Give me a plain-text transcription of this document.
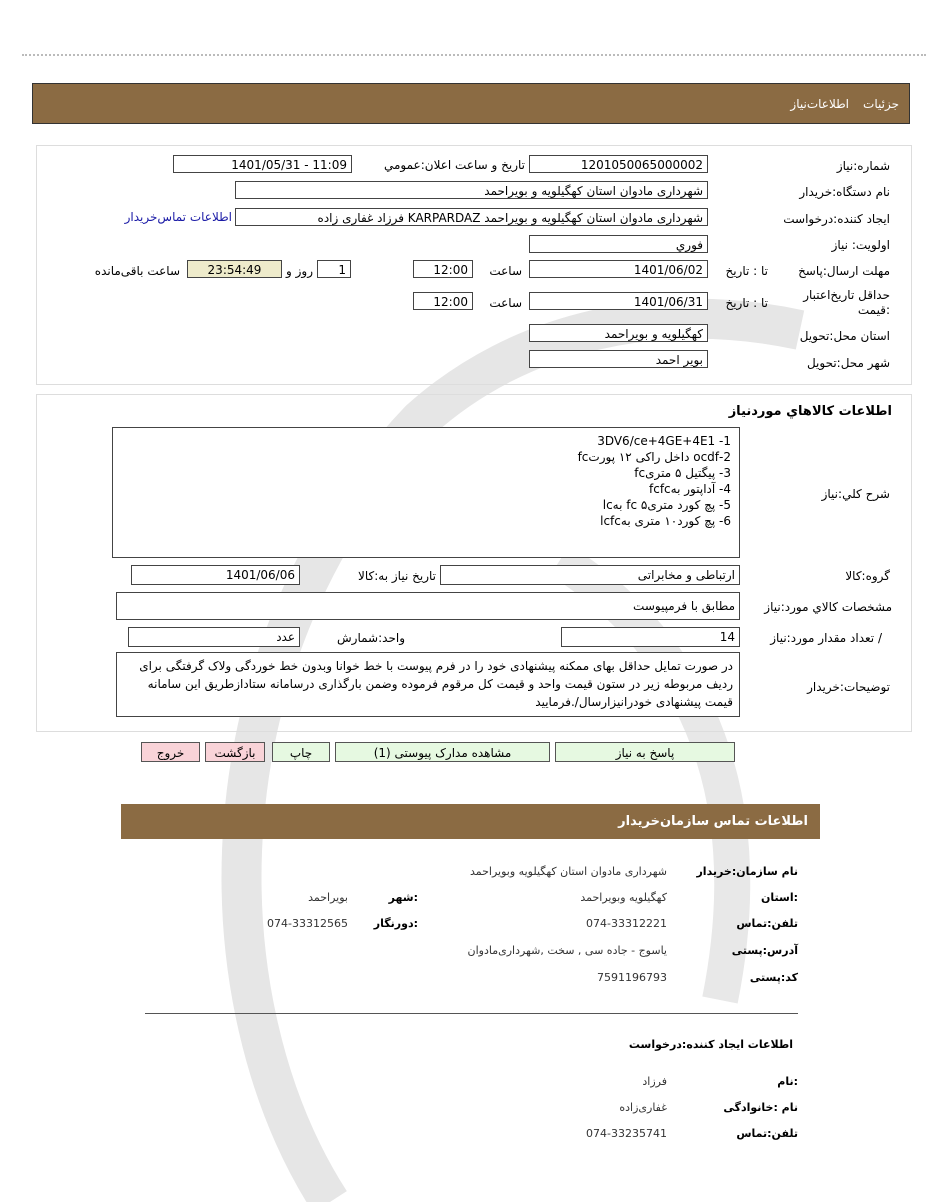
جزئیات
اطلاعات‌نیاز
شماره:نیاز
1201050065000002
تاریخ و ساعت اعلان:عمومي
1401/05/31 - 11:09
نام دستگاه:خریدار
شهرداری مادوان استان کهگیلویه و بویراحمد
ایجاد کننده:درخواست
شهرداری مادوان استان کهگیلویه و بویراحمد KARPARDAZ فرزاد غفاری زاده
اطلاعات تماس‌خریدار
اولویت: نیاز
فوري
مهلت ارسال:پاسخ
تا : تاریخ
1401/06/02
ساعت
12:00
1
روز و
23:54:49
ساعت باقی‌مانده
حداقل تاریخ‌اعتبار :قیمت
تا : تاریخ
1401/06/31
ساعت
12:00
استان محل:تحویل
کهگیلویه و بویراحمد
شهر محل:تحویل
بویر احمد
اطلاعات کالاهاي موردنیاز
شرح کلي:نیاز
1- 3DV6/ce+4GE+4E1
2-ocdf داخل راکی ۱۲ پورتfc
3- پیگتیل ۵ متریfc
4- آداپتور بهfcfc
5- پچ کورد متری۵ fc بهlc
6- پچ کورد۱۰ متری بهlcfc
گروه:کالا
ارتباطی و مخابراتی
تاریخ نیاز به:کالا
1401/06/06
مشخصات کالاي مورد:نیاز
مطابق با فرمپیوست
/ تعداد مقدار مورد:نیاز
14
واحد:شمارش
عدد
توضیحات:خریدار
در صورت تمایل حداقل بهای ممکنه پیشنهادی خود را در فرم پیوست با خط خوانا وبدون خط خوردگی ولاک گرفتگی برای ردیف مربوطه زیر در ستون قیمت واحد و قیمت کل مرقوم فرموده وضمن بارگذاری درسامانه ستادازطریق این سامانه قیمت پیشنهادی خودرانیزارسال/.فرمایید
پاسخ به نیاز
مشاهده مدارک پیوستی (1)
چاپ
بازگشت
خروج
اطلاعات تماس سازمان‌خریدار
نام سازمان:خریدار
شهرداری مادوان استان کهگیلویه وبویراحمد
:استان
کهگیلویه وبویراحمد
:شهر
بویراحمد
تلفن:تماس
074-33312221
:دورنگار
074-33312565
آدرس:پستی
یاسوج - جاده سی , سخت ,شهرداری‌مادوان
کد:پستی
7591196793
اطلاعات ایجاد کننده:درخواست
:نام
فرزاد
نام :خانوادگی
غفاری‌زاده
تلفن:تماس
074-33235741
